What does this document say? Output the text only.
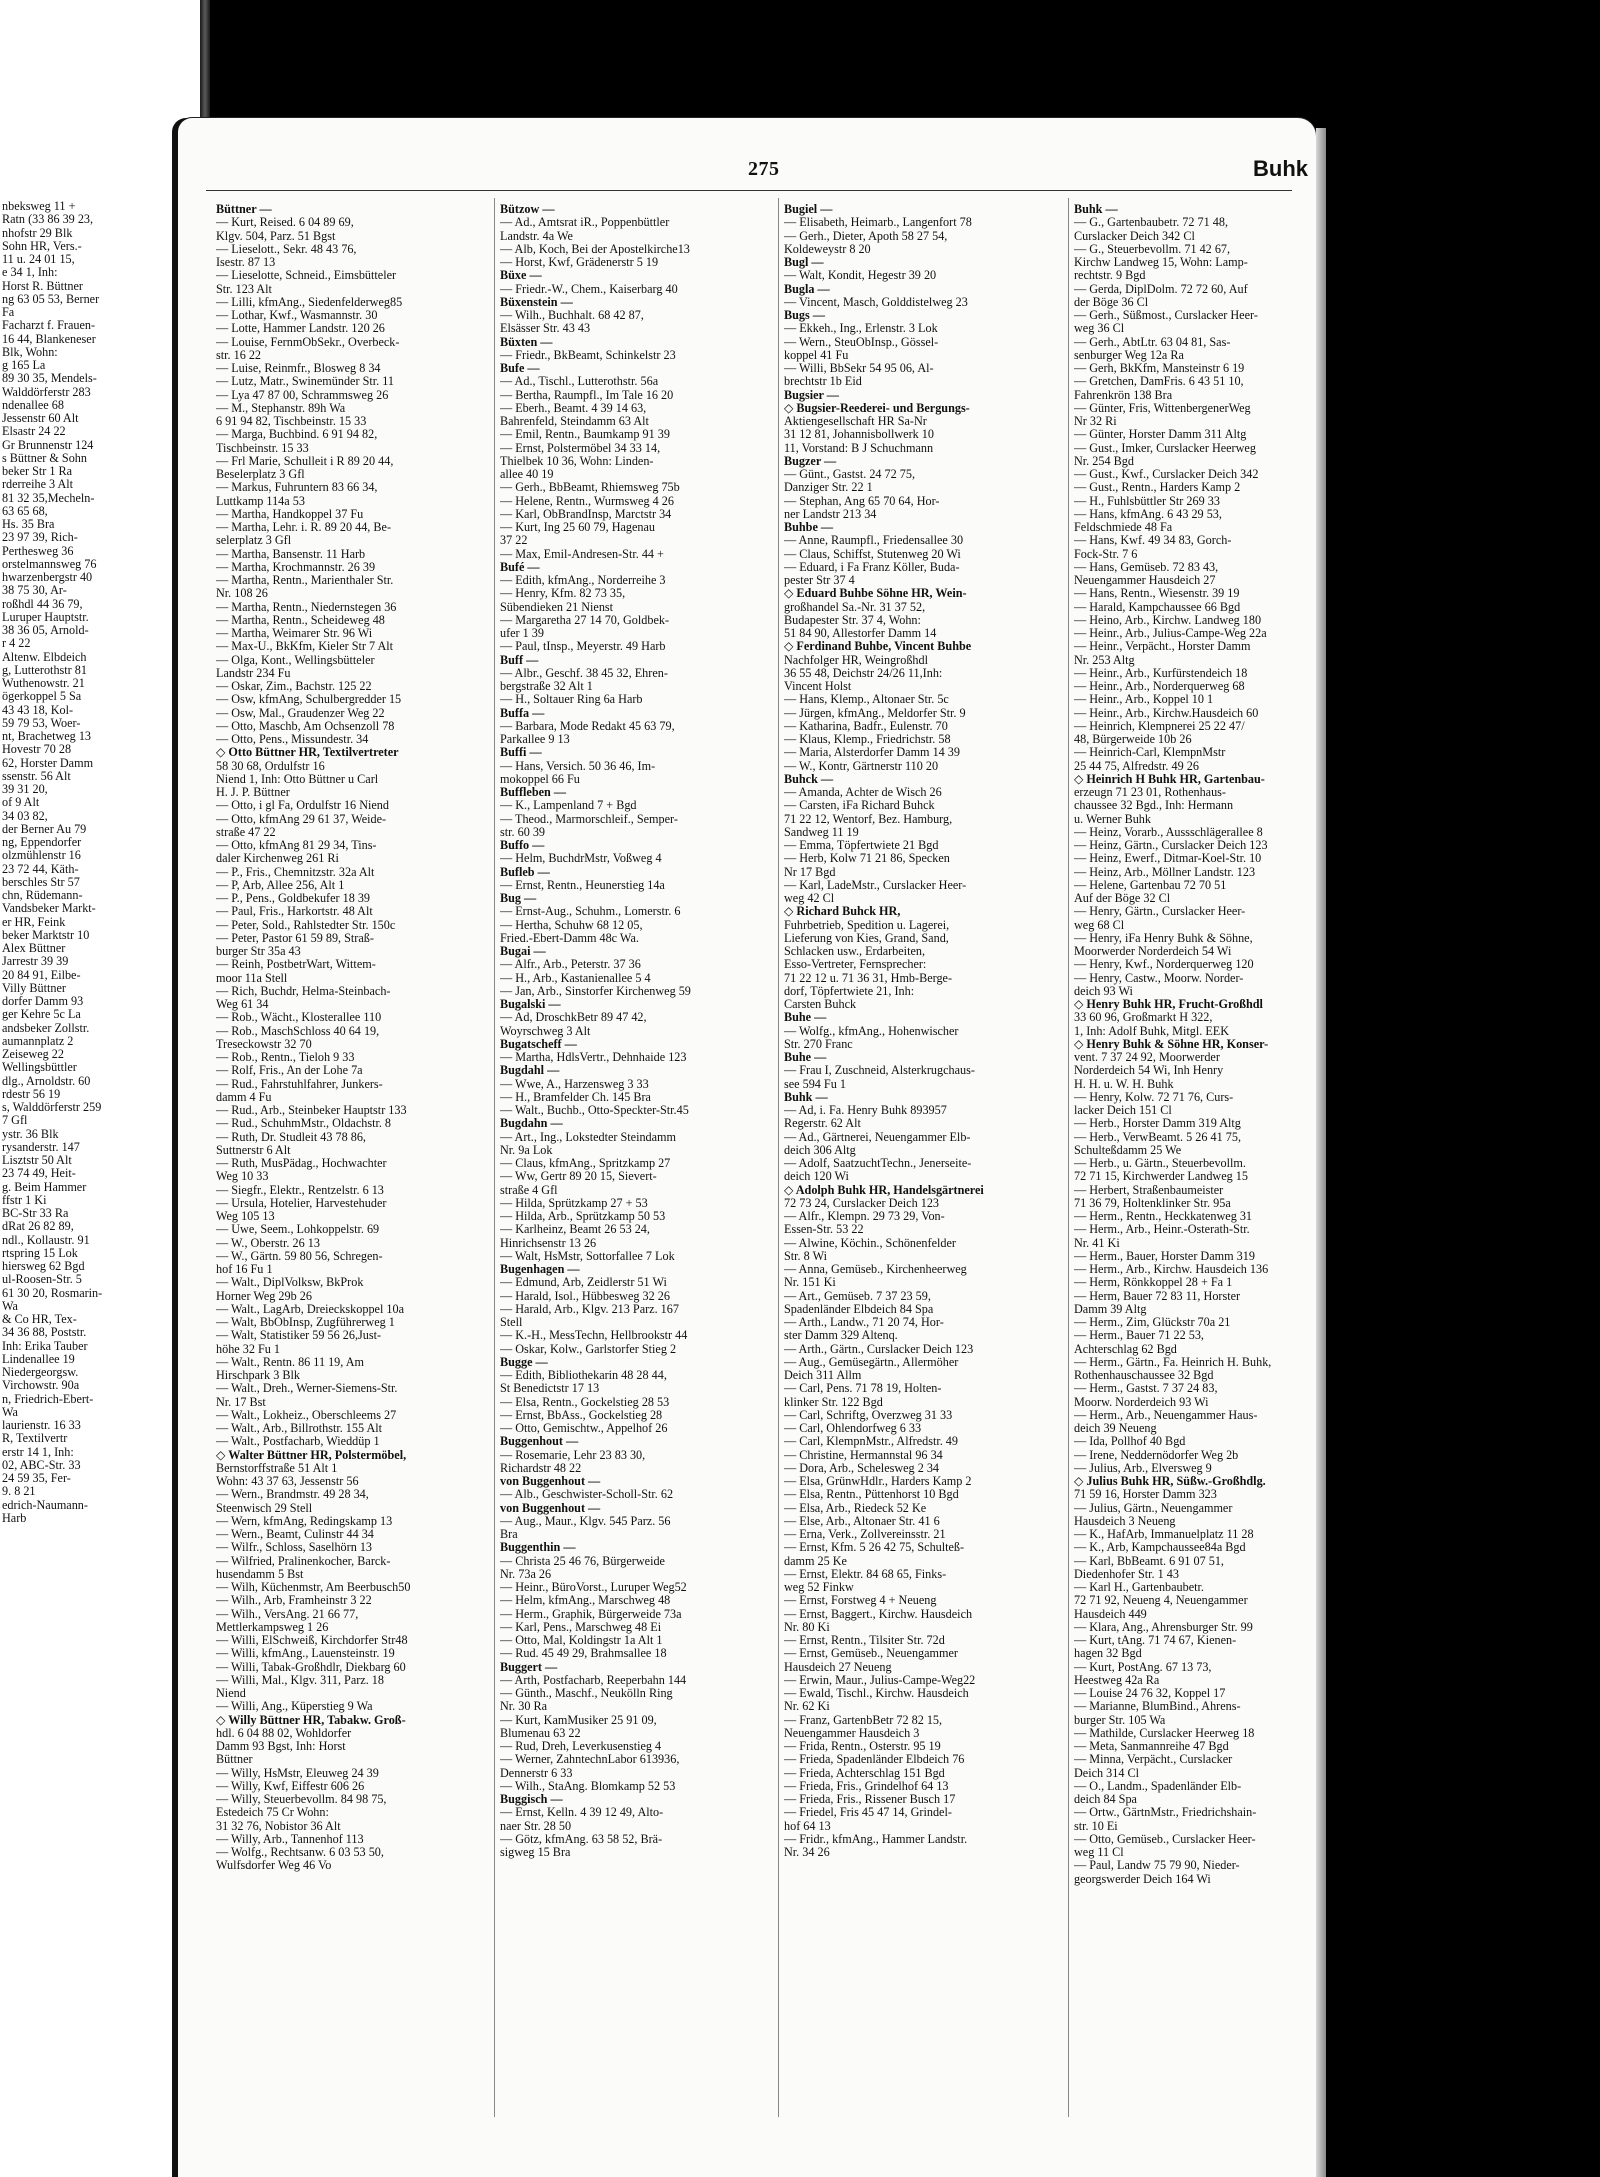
nbeksweg 11 +
Ratn (33 86 39 23,
nhofstr 29 Blk
Sohn HR, Vers.-
11 u. 24 01 15,
e 34 1, Inh:
Horst R. Büttner
ng 63 05 53, Berner
Fa
Facharzt f. Frauen-
16 44, Blankeneser
Blk, Wohn:
g 165 La
89 30 35, Mendels-
Walddörferstr 283
ndenallee 68
Jessenstr 60 Alt
Elsastr 24 22
Gr Brunnenstr 124
s Büttner & Sohn
beker Str 1 Ra
rderreihe 3 Alt
81 32 35,Mecheln-
63 65 68,
Hs. 35 Bra
23 97 39, Rich-
Perthesweg 36
orstelmannsweg 76
hwarzenbergstr 40
38 75 30, Ar-
roßhdl 44 36 79,
Luruper Hauptstr.
38 36 05, Arnold-
r 4 22
Altenw. Elbdeich
g, Lutterothstr 81
Wuthenowstr. 21
ögerkoppel 5 Sa
43 43 18, Kol-
59 79 53, Woer-
nt, Brachetweg 13
Hovestr 70 28
62, Horster Damm
ssenstr. 56 Alt
39 31 20,
of 9 Alt
34 03 82,
der Berner Au 79
ng, Eppendorfer
olzmühlenstr 16
23 72 44, Käth-
berschles Str 57
chn, Rüdemann-
Vandsbeker Markt-
er HR, Feink
beker Marktstr 10
Alex Büttner
Jarrestr 39 39
20 84 91, Eilbe-
Villy Büttner
dorfer Damm 93
ger Kehre 5c La
andsbeker Zollstr.
aumannplatz 2
Zeiseweg 22
Wellingsbüttler
dlg., Arnoldstr. 60
rdestr 56 19
s, Walddörferstr 259
7 Gfl
ystr. 36 Blk
rysanderstr. 147
Lisztstr 50 Alt
23 74 49, Heit-
g. Beim Hammer
ffstr 1 Ki
BC-Str 33 Ra
dRat 26 82 89,
ndl., Kollaustr. 91
rtspring 15 Lok
hiersweg 62 Bgd
ul-Roosen-Str. 5
61 30 20, Rosmarin-
Wa
& Co HR, Tex-
34 36 88, Poststr.
Inh: Erika Tauber
Lindenallee 19
Niedergeorgsw.
Virchowstr. 90a
n, Friedrich-Ebert-
Wa
laurienstr. 16 33
R, Textilvertr
erstr 14 1, Inh:
02, ABC-Str. 33
24 59 35, Fer-
9. 8 21
edrich-Naumann-
Harb
275	Buhk
Büttner —
— Kurt, Reised. 6 04 89 69,
Klgv. 504, Parz. 51 Bgst
— Lieselott., Sekr. 48 43 76,
Isestr. 87 13
— Lieselotte, Schneid., Eimsbütteler
Str. 123 Alt
— Lilli, kfmAng., Siedenfelderweg85
— Lothar, Kwf., Wasmannstr. 30
— Lotte, Hammer Landstr. 120 26
— Louise, FernmObSekr., Overbeck-
str. 16 22
— Luise, Reinmfr., Blosweg 8 34
— Lutz, Matr., Swinemünder Str. 11
— Lya 47 87 00, Schrammsweg 26
— M., Stephanstr. 89h Wa
6 91 94 82, Tischbeinstr. 15 33
— Marga, Buchbind. 6 91 94 82,
Tischbeinstr. 15 33
— Frl Marie, Schulleit i R 89 20 44,
Beselerplatz 3 Gfl
— Markus, Fuhruntern 83 66 34,
Luttkamp 114a 53
— Martha, Handkoppel 37 Fu
— Martha, Lehr. i. R. 89 20 44, Be-
selerplatz 3 Gfl
— Martha, Bansenstr. 11 Harb
— Martha, Krochmannstr. 26 39
— Martha, Rentn., Marienthaler Str.
Nr. 108 26
— Martha, Rentn., Niedernstegen 36
— Martha, Rentn., Scheideweg 48
— Martha, Weimarer Str. 96 Wi
— Max-U., BkKfm, Kieler Str 7 Alt
— Olga, Kont., Wellingsbütteler
Landstr 234 Fu
— Oskar, Zim., Bachstr. 125 22
— Osw, kfmAng, Schulbergredder 15
— Osw, Mal., Graudenzer Weg 22
— Otto, Maschb, Am Ochsenzoll 78
— Otto, Pens., Missundestr. 34
◇ Otto Büttner HR, Textilvertreter
58 30 68, Ordulfstr 16
Niend 1, Inh: Otto Büttner u Carl
H. J. P. Büttner
— Otto, i gl Fa, Ordulfstr 16 Niend
— Otto, kfmAng 29 61 37, Weide-
straße 47 22
— Otto, kfmAng 81 29 34, Tins-
daler Kirchenweg 261 Ri
— P., Fris., Chemnitzstr. 32a Alt
— P, Arb, Allee 256, Alt 1
— P., Pens., Goldbekufer 18 39
— Paul, Fris., Harkortstr. 48 Alt
— Peter, Sold., Rahlstedter Str. 150c
— Peter, Pastor 61 59 89, Straß-
burger Str 35a 43
— Reinh, PostbetrWart, Wittem-
moor 11a Stell
— Rich, Buchdr, Helma-Steinbach-
Weg 61 34
— Rob., Wächt., Klosterallee 110
— Rob., MaschSchloss 40 64 19,
Treseckowstr 32 70
— Rob., Rentn., Tieloh 9 33
— Rolf, Fris., An der Lohe 7a
— Rud., Fahrstuhlfahrer, Junkers-
damm 4 Fu
— Rud., Arb., Steinbeker Hauptstr 133
— Rud., SchuhmMstr., Oldachstr. 8
— Ruth, Dr. Studleit 43 78 86,
Suttnerstr 6 Alt
— Ruth, MusPädag., Hochwachter
Weg 10 33
— Siegfr., Elektr., Rentzelstr. 6 13
— Ursula, Hotelier, Harvestehuder
Weg 105 13
— Uwe, Seem., Lohkoppelstr. 69
— W., Oberstr. 26 13
— W., Gärtn. 59 80 56, Schregen-
hof 16 Fu 1
— Walt., DiplVolksw, BkProk
Horner Weg 29b 26
— Walt., LagArb, Dreieckskoppel 10a
— Walt, BbObInsp, Zugführerweg 1
— Walt, Statistiker 59 56 26,Just-
höhe 32 Fu 1
— Walt., Rentn. 86 11 19, Am
Hirschpark 3 Blk
— Walt., Dreh., Werner-Siemens-Str.
Nr. 17 Bst
— Walt., Lokheiz., Oberschleems 27
— Walt., Arb., Billrothstr. 155 Alt
— Walt., Postfacharb, Wieddüp 1
◇ Walter Büttner HR, Polstermöbel,
Bernstorffstraße 51 Alt 1
Wohn: 43 37 63, Jessenstr 56
— Wern., Brandmstr. 49 28 34,
Steenwisch 29 Stell
— Wern, kfmAng, Redingskamp 13
— Wern., Beamt, Culinstr 44 34
— Wilfr., Schloss, Saselhörn 13
— Wilfried, Pralinenkocher, Barck-
husendamm 5 Bst
— Wilh, Küchenmstr, Am Beerbusch50
— Wilh., Arb, Framheinstr 3 22
— Wilh., VersAng. 21 66 77,
Mettlerkampsweg 1 26
— Willi, ElSchweiß, Kirchdorfer Str48
— Willi, kfmAng., Lauensteinstr. 19
— Willi, Tabak-Großhdlr, Diekbarg 60
— Willi, Mal., Klgv. 311, Parz. 18
Niend
— Willi, Ang., Küperstieg 9 Wa
◇ Willy Büttner HR, Tabakw. Groß-
hdl. 6 04 88 02, Wohldorfer
Damm 93 Bgst, Inh: Horst
Büttner
— Willy, HsMstr, Eleuweg 24 39
— Willy, Kwf, Eiffestr 606 26
— Willy, Steuerbevollm. 84 98 75,
Estedeich 75 Cr Wohn:
31 32 76, Nobistor 36 Alt
— Willy, Arb., Tannenhof 113
— Wolfg., Rechtsanw. 6 03 53 50,
Wulfsdorfer Weg 46 Vo
Bützow —
— Ad., Amtsrat iR., Poppenbüttler
Landstr. 4a We
— Alb, Koch, Bei der Apostelkirche13
— Horst, Kwf, Grädenerstr 5 19
Büxe —
— Friedr.-W., Chem., Kaiserbarg 40
Büxenstein —
— Wilh., Buchhalt. 68 42 87,
Elsässer Str. 43 43
Büxten —
— Friedr., BkBeamt, Schinkelstr 23
Bufe —
— Ad., Tischl., Lutterothstr. 56a
— Bertha, Raumpfl., Im Tale 16 20
— Eberh., Beamt. 4 39 14 63,
Bahrenfeld, Steindamm 63 Alt
— Emil, Rentn., Baumkamp 91 39
— Ernst, Polstermöbel 34 33 14,
Thielbek 10 36, Wohn: Linden-
allee 40 19
— Gerh., BbBeamt, Rhiemsweg 75b
— Helene, Rentn., Wurmsweg 4 26
— Karl, ObBrandInsp, Marctstr 34
— Kurt, Ing 25 60 79, Hagenau
37 22
— Max, Emil-Andresen-Str. 44 +
Bufé —
— Edith, kfmAng., Norderreihe 3
— Henry, Kfm. 82 73 35,
Sübendieken 21 Nienst
— Margaretha 27 14 70, Goldbek-
ufer 1 39
— Paul, tInsp., Meyerstr. 49 Harb
Buff —
— Albr., Geschf. 38 45 32, Ehren-
bergstraße 32 Alt 1
— H., Soltauer Ring 6a Harb
Buffa —
— Barbara, Mode Redakt 45 63 79,
Parkallee 9 13
Buffi —
— Hans, Versich. 50 36 46, Im-
mokoppel 66 Fu
Buffleben —
— K., Lampenland 7 + Bgd
— Theod., Marmorschleif., Semper-
str. 60 39
Buffo —
— Helm, BuchdrMstr, Voßweg 4
Bufleb —
— Ernst, Rentn., Heunerstieg 14a
Bug —
— Ernst-Aug., Schuhm., Lomerstr. 6
— Hertha, Schuhw 68 12 05,
Fried.-Ebert-Damm 48c Wa.
Bugai —
— Alfr., Arb., Peterstr. 37 36
— H., Arb., Kastanienallee 5 4
— Jan, Arb., Sinstorfer Kirchenweg 59
Bugalski —
— Ad, DroschkBetr 89 47 42,
Woyrschweg 3 Alt
Bugatscheff —
— Martha, HdlsVertr., Dehnhaide 123
Bugdahl —
— Wwe, A., Harzensweg 3 33
— H., Bramfelder Ch. 145 Bra
— Walt., Buchb., Otto-Speckter-Str.45
Bugdahn —
— Art., Ing., Lokstedter Steindamm
Nr. 9a Lok
— Claus, kfmAng., Spritzkamp 27
— Ww, Gertr 89 20 15, Sievert-
straße 4 Gfl
— Hilda, Sprützkamp 27 + 53
— Hilda, Arb., Sprützkamp 50 53
— Karlheinz, Beamt 26 53 24,
Hinrichsenstr 13 26
— Walt, HsMstr, Sottorfallee 7 Lok
Bugenhagen —
— Edmund, Arb, Zeidlerstr 51 Wi
— Harald, Isol., Hübbesweg 32 26
— Harald, Arb., Klgv. 213 Parz. 167
Stell
— K.-H., MessTechn, Hellbrookstr 44
— Oskar, Kolw., Garlstorfer Stieg 2
Bugge —
— Edith, Bibliothekarin 48 28 44,
St Benedictstr 17 13
— Elsa, Rentn., Gockelstieg 28 53
— Ernst, BbAss., Gockelstieg 28
— Otto, Gemischtw., Appelhof 26
Buggenhout —
— Rosemarie, Lehr 23 83 30,
Richardstr 48 22
von Buggenhout —
— Alb., Geschwister-Scholl-Str. 62
von Buggenhout —
— Aug., Maur., Klgv. 545 Parz. 56
Bra
Buggenthin —
— Christa 25 46 76, Bürgerweide
Nr. 73a 26
— Heinr., BüroVorst., Luruper Weg52
— Helm, kfmAng., Marschweg 48
— Herm., Graphik, Bürgerweide 73a
— Karl, Pens., Marschweg 48 Ei
— Otto, Mal, Koldingstr 1a Alt 1
— Rud. 45 49 29, Brahmsallee 18
Buggert —
— Arth, Postfacharb, Reeperbahn 144
— Günth., Maschf., Neukölln Ring
Nr. 30 Ra
— Kurt, KamMusiker 25 91 09,
Blumenau 63 22
— Rud, Dreh, Leverkusenstieg 4
— Werner, ZahntechnLabor 613936,
Dennerstr 6 33
— Wilh., StaAng. Blomkamp 52 53
Buggisch —
— Ernst, Kelln. 4 39 12 49, Alto-
naer Str. 28 50
— Götz, kfmAng. 63 58 52, Brä-
sigweg 15 Bra
Bugiel —
— Elisabeth, Heimarb., Langenfort 78
— Gerh., Dieter, Apoth 58 27 54,
Koldeweystr 8 20
Bugl —
— Walt, Kondit, Hegestr 39 20
Bugla —
— Vincent, Masch, Golddistelweg 23
Bugs —
— Ekkeh., Ing., Erlenstr. 3 Lok
— Wern., SteuObInsp., Gössel-
koppel 41 Fu
— Willi, BbSekr 54 95 06, Al-
brechtstr 1b Eid
Bugsier —
◇ Bugsier-Reederei- und Bergungs-
Aktiengesellschaft HR Sa-Nr
31 12 81, Johannisbollwerk 10
11, Vorstand: B J Schuchmann
Bugzer —
— Günt., Gastst. 24 72 75,
Danziger Str. 22 1
— Stephan, Ang 65 70 64, Hor-
ner Landstr 213 34
Buhbe —
— Anne, Raumpfl., Friedensallee 30
— Claus, Schiffst, Stutenweg 20 Wi
— Eduard, i Fa Franz Köller, Buda-
pester Str 37 4
◇ Eduard Buhbe Söhne HR, Wein-
großhandel Sa.-Nr. 31 37 52,
Budapester Str. 37 4, Wohn:
51 84 90, Allestorfer Damm 14
◇ Ferdinand Buhbe, Vincent Buhbe
Nachfolger HR, Weingroßhdl
36 55 48, Deichstr 24/26 11,Inh:
Vincent Holst
— Hans, Klemp., Altonaer Str. 5c
— Jürgen, kfmAng., Meldorfer Str. 9
— Katharina, Badfr., Eulenstr. 70
— Klaus, Klemp., Friedrichstr. 58
— Maria, Alsterdorfer Damm 14 39
— W., Kontr, Gärtnerstr 110 20
Buhck —
— Amanda, Achter de Wisch 26
— Carsten, iFa Richard Buhck
71 22 12, Wentorf, Bez. Hamburg,
Sandweg 11 19
— Emma, Töpfertwiete 21 Bgd
— Herb, Kolw 71 21 86, Specken
Nr 17 Bgd
— Karl, LadeMstr., Curslacker Heer-
weg 42 Cl
◇ Richard Buhck HR,
Fuhrbetrieb, Spedition u. Lagerei,
Lieferung von Kies, Grand, Sand,
Schlacken usw., Erdarbeiten,
Esso-Vertreter, Fernsprecher:
71 22 12 u. 71 36 31, Hmb-Berge-
dorf, Töpfertwiete 21, Inh:
Carsten Buhck
Buhe —
— Wolfg., kfmAng., Hohenwischer
Str. 270 Franc
Buhe —
— Frau I, Zuschneid, Alsterkrugchaus-
see 594 Fu 1
Buhk —
— Ad, i. Fa. Henry Buhk 893957
Regerstr. 62 Alt
— Ad., Gärtnerei, Neuengammer Elb-
deich 306 Altg
— Adolf, SaatzuchtTechn., Jenerseite-
deich 120 Wi
◇ Adolph Buhk HR, Handelsgärtnerei
72 73 24, Curslacker Deich 123
— Alfr., Klempn. 29 73 29, Von-
Essen-Str. 53 22
— Alwine, Köchin., Schönenfelder
Str. 8 Wi
— Anna, Gemüseb., Kirchenheerweg
Nr. 151 Ki
— Art., Gemüseb. 7 37 23 59,
Spadenländer Elbdeich 84 Spa
— Arth., Landw., 71 20 74, Hor-
ster Damm 329 Altenq.
— Arth., Gärtn., Curslacker Deich 123
— Aug., Gemüsegärtn., Allermöher
Deich 311 Allm
— Carl, Pens. 71 78 19, Holten-
klinker Str. 122 Bgd
— Carl, Schriftg, Overzweg 31 33
— Carl, Ohlendorfweg 6 33
— Carl, KlempnMstr., Alfredstr. 49
— Christine, Hermannstal 96 34
— Dora, Arb., Schelesweg 2 34
— Elsa, GrünwHdlr., Harders Kamp 2
— Elsa, Rentn., Püttenhorst 10 Bgd
— Elsa, Arb., Riedeck 52 Ke
— Else, Arb., Altonaer Str. 41 6
— Erna, Verk., Zollvereinsstr. 21
— Ernst, Kfm. 5 26 42 75, Schulteß-
damm 25 Ke
— Ernst, Elektr. 84 68 65, Finks-
weg 52 Finkw
— Ernst, Forstweg 4 + Neueng
— Ernst, Baggert., Kirchw. Hausdeich
Nr. 80 Ki
— Ernst, Rentn., Tilsiter Str. 72d
— Ernst, Gemüseb., Neuengammer
Hausdeich 27 Neueng
— Erwin, Maur., Julius-Campe-Weg22
— Ewald, Tischl., Kirchw. Hausdeich
Nr. 62 Ki
— Franz, GartenbBetr 72 82 15,
Neuengammer Hausdeich 3
— Frida, Rentn., Osterstr. 95 19
— Frieda, Spadenländer Elbdeich 76
— Frieda, Achterschlag 151 Bgd
— Frieda, Fris., Grindelhof 64 13
— Frieda, Fris., Rissener Busch 17
— Friedel, Fris 45 47 14, Grindel-
hof 64 13
— Fridr., kfmAng., Hammer Landstr.
Nr. 34 26
Buhk —
— G., Gartenbaubetr. 72 71 48,
Curslacker Deich 342 Cl
— G., Steuerbevollm. 71 42 67,
Kirchw Landweg 15, Wohn: Lamp-
rechtstr. 9 Bgd
— Gerda, DiplDolm. 72 72 60, Auf
der Böge 36 Cl
— Gerh., Süßmost., Curslacker Heer-
weg 36 Cl
— Gerh., AbtLtr. 63 04 81, Sas-
senburger Weg 12a Ra
— Gerh, BkKfm, Mansteinstr 6 19
— Gretchen, DamFris. 6 43 51 10,
Fahrenkrön 138 Bra
— Günter, Fris, WittenbergenerWeg
Nr 32 Ri
— Günter, Horster Damm 311 Altg
— Gust., Imker, Curslacker Heerweg
Nr. 254 Bgd
— Gust., Kwf., Curslacker Deich 342
— Gust., Rentn., Harders Kamp 2
— H., Fuhlsbüttler Str 269 33
— Hans, kfmAng. 6 43 29 53,
Feldschmiede 48 Fa
— Hans, Kwf. 49 34 83, Gorch-
Fock-Str. 7 6
— Hans, Gemüseb. 72 83 43,
Neuengammer Hausdeich 27
— Hans, Rentn., Wiesenstr. 39 19
— Harald, Kampchaussee 66 Bgd
— Heino, Arb., Kirchw. Landweg 180
— Heinr., Arb., Julius-Campe-Weg 22a
— Heinr., Verpächt., Horster Damm
Nr. 253 Altg
— Heinr., Arb., Kurfürstendeich 18
— Heinr., Arb., Norderquerweg 68
— Heinr., Arb., Koppel 10 1
— Heinr., Arb., Kirchw.Hausdeich 60
— Heinrich, Klempnerei 25 22 47/
48, Bürgerweide 10b 26
— Heinrich-Carl, KlempnMstr
25 44 75, Alfredstr. 49 26
◇ Heinrich H Buhk HR, Gartenbau-
erzeugn 71 23 01, Rothenhaus-
chaussee 32 Bgd., Inh: Hermann
u. Werner Buhk
— Heinz, Vorarb., Aussschlägerallee 8
— Heinz, Gärtn., Curslacker Deich 123
— Heinz, Ewerf., Ditmar-Koel-Str. 10
— Heinz, Arb., Möllner Landstr. 123
— Helene, Gartenbau 72 70 51
Auf der Böge 32 Cl
— Henry, Gärtn., Curslacker Heer-
weg 68 Cl
— Henry, iFa Henry Buhk & Söhne,
Moorwerder Norderdeich 54 Wi
— Henry, Kwf., Norderquerweg 120
— Henry, Castw., Moorw. Norder-
deich 93 Wi
◇ Henry Buhk HR, Frucht-Großhdl
33 60 96, Großmarkt H 322,
1, Inh: Adolf Buhk, Mitgl. EEK
◇ Henry Buhk & Söhne HR, Konser-
vent. 7 37 24 92, Moorwerder
Norderdeich 54 Wi, Inh Henry
H. H. u. W. H. Buhk
— Henry, Kolw. 72 71 76, Curs-
lacker Deich 151 Cl
— Herb., Horster Damm 319 Altg
— Herb., VerwBeamt. 5 26 41 75,
Schulteßdamm 25 We
— Herb., u. Gärtn., Steuerbevollm.
72 71 15, Kirchwerder Landweg 15
— Herbert, Straßenbaumeister
71 36 79, Holtenklinker Str. 95a
— Herm., Rentn., Heckkatenweg 31
— Herm., Arb., Heinr.-Osterath-Str.
Nr. 41 Ki
— Herm., Bauer, Horster Damm 319
— Herm., Arb., Kirchw. Hausdeich 136
— Herm, Rönkkoppel 28 + Fa 1
— Herm, Bauer 72 83 11, Horster
Damm 39 Altg
— Herm., Zim, Glückstr 70a 21
— Herm., Bauer 71 22 53,
Achterschlag 62 Bgd
— Herm., Gärtn., Fa. Heinrich H. Buhk,
Rothenhauschaussee 32 Bgd
— Herm., Gastst. 7 37 24 83,
Moorw. Norderdeich 93 Wi
— Herm., Arb., Neuengammer Haus-
deich 39 Neueng
— Ida, Pollhof 40 Bgd
— Irene, Neddernödorfer Weg 2b
— Julius, Arb., Elversweg 9
◇ Julius Buhk HR, Süßw.-Großhdlg.
71 59 16, Horster Damm 323
— Julius, Gärtn., Neuengammer
Hausdeich 3 Neueng
— K., HafArb, Immanuelplatz 11 28
— K., Arb, Kampchaussee84a Bgd
— Karl, BbBeamt. 6 91 07 51,
Diedenhofer Str. 1 43
— Karl H., Gartenbaubetr.
72 71 92, Neueng 4, Neuengammer
Hausdeich 449
— Klara, Ang., Ahrensburger Str. 99
— Kurt, tAng. 71 74 67, Kienen-
hagen 32 Bgd
— Kurt, PostAng. 67 13 73,
Heestweg 42a Ra
— Louise 24 76 32, Koppel 17
— Marianne, BlumBind., Ahrens-
burger Str. 105 Wa
— Mathilde, Curslacker Heerweg 18
— Meta, Sanmannreihe 47 Bgd
— Minna, Verpächt., Curslacker
Deich 314 Cl
— O., Landm., Spadenländer Elb-
deich 84 Spa
— Ortw., GärtnMstr., Friedrichshain-
str. 10 Ei
— Otto, Gemüseb., Curslacker Heer-
weg 11 Cl
— Paul, Landw 75 79 90, Nieder-
georgswerder Deich 164 Wi
